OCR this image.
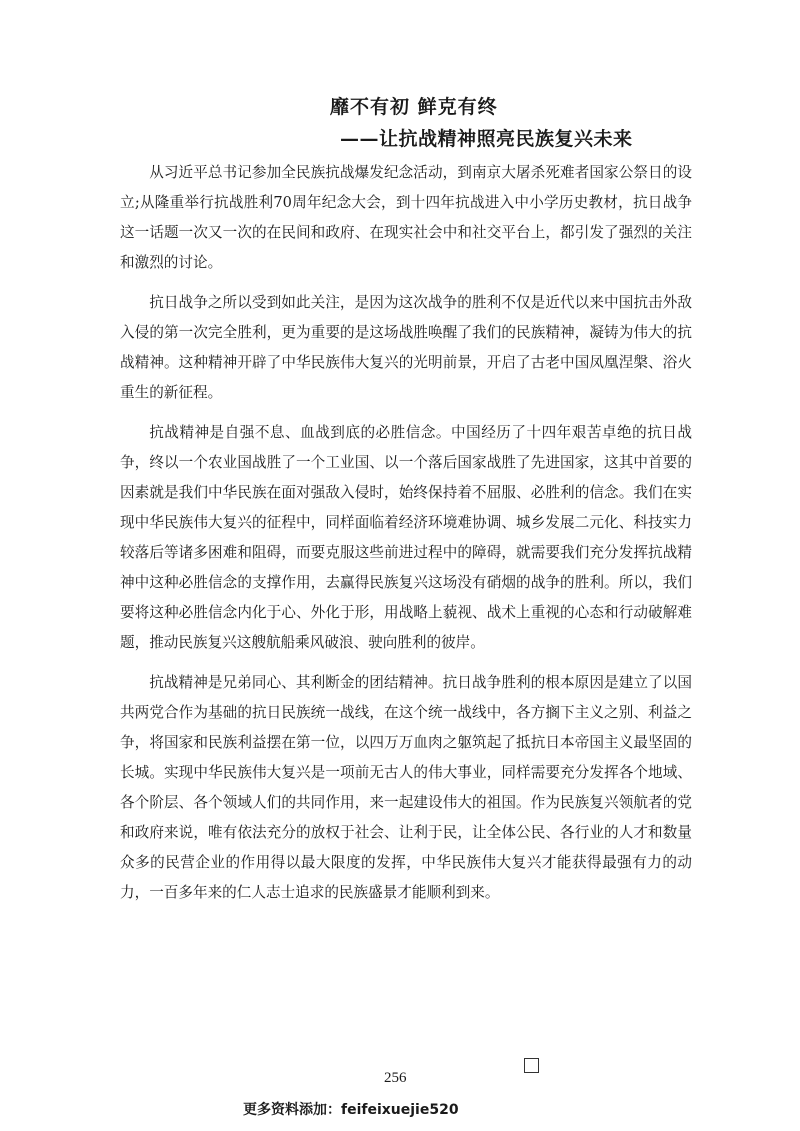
靡不有初 鲜克有终
——让抗战精神照亮民族复兴未来

从习近平总书记参加全民族抗战爆发纪念活动，到南京大屠杀死难者国家公祭日的设立;从隆重举行抗战胜利70周年纪念大会，到十四年抗战进入中小学历史教材，抗日战争这一话题一次又一次的在民间和政府、在现实社会中和社交平台上，都引发了强烈的关注和激烈的讨论。

抗日战争之所以受到如此关注，是因为这次战争的胜利不仅是近代以来中国抗击外敌入侵的第一次完全胜利，更为重要的是这场战胜唤醒了我们的民族精神，凝铸为伟大的抗战精神。这种精神开辟了中华民族伟大复兴的光明前景，开启了古老中国凤凰涅槃、浴火重生的新征程。

抗战精神是自强不息、血战到底的必胜信念。中国经历了十四年艰苦卓绝的抗日战争，终以一个农业国战胜了一个工业国、以一个落后国家战胜了先进国家，这其中首要的因素就是我们中华民族在面对强敌入侵时，始终保持着不屈服、必胜利的信念。我们在实现中华民族伟大复兴的征程中，同样面临着经济环境难协调、城乡发展二元化、科技实力较落后等诸多困难和阻碍，而要克服这些前进过程中的障碍，就需要我们充分发挥抗战精神中这种必胜信念的支撑作用，去赢得民族复兴这场没有硝烟的战争的胜利。所以，我们要将这种必胜信念内化于心、外化于形，用战略上藐视、战术上重视的心态和行动破解难题，推动民族复兴这艘航船乘风破浪、驶向胜利的彼岸。

抗战精神是兄弟同心、其利断金的团结精神。抗日战争胜利的根本原因是建立了以国共两党合作为基础的抗日民族统一战线，在这个统一战线中，各方搁下主义之别、利益之争，将国家和民族利益摆在第一位，以四万万血肉之躯筑起了抵抗日本帝国主义最坚固的长城。实现中华民族伟大复兴是一项前无古人的伟大事业，同样需要充分发挥各个地域、各个阶层、各个领域人们的共同作用，来一起建设伟大的祖国。作为民族复兴领航者的党和政府来说，唯有依法充分的放权于社会、让利于民，让全体公民、各行业的人才和数量众多的民营企业的作用得以最大限度的发挥，中华民族伟大复兴才能获得最强有力的动力，一百多年来的仁人志士追求的民族盛景才能顺利到来。

256
更多资料添加：feifeixuejie520
